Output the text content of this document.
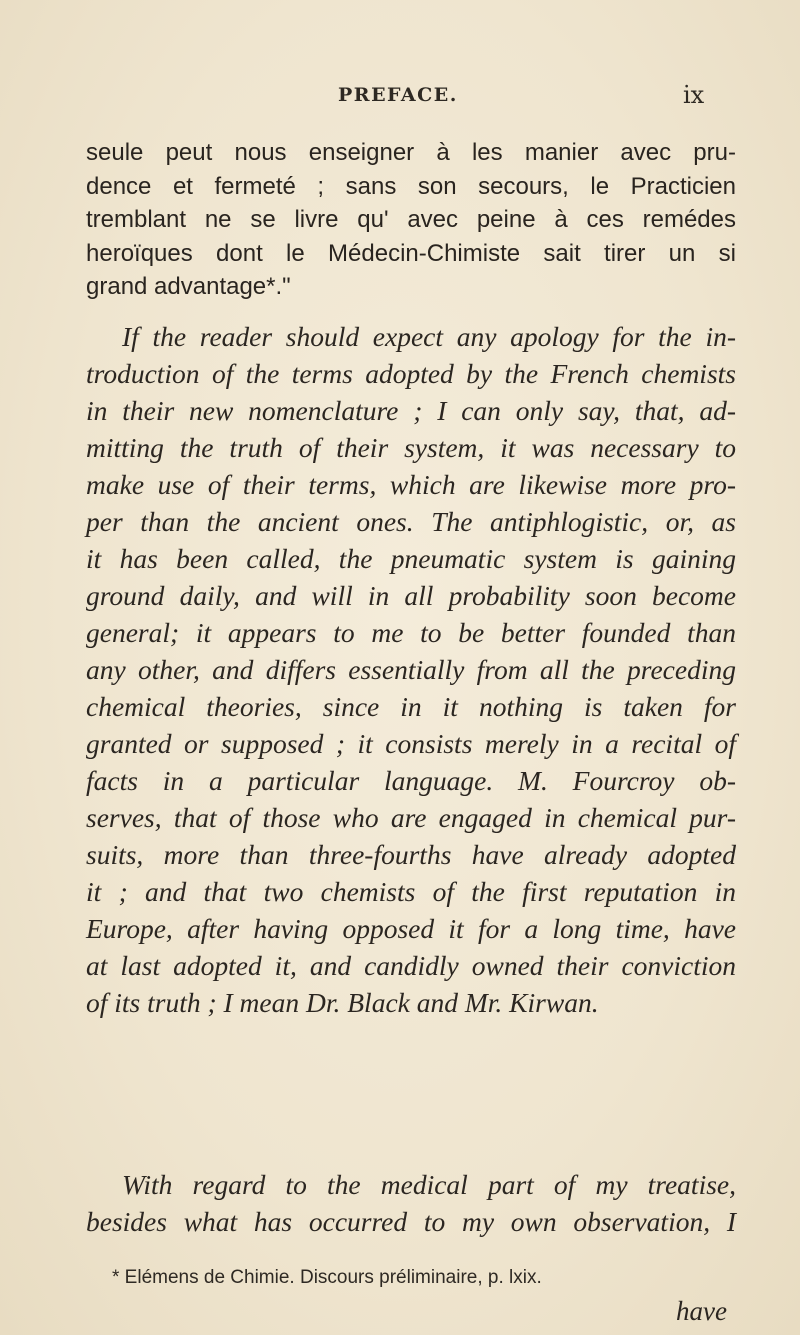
PREFACE.	ix
seule peut nous enseigner à les manier avec pru-
dence et fermeté ; sans son secours, le Practicien
tremblant ne se livre qu' avec peine à ces remédes
heroïques dont le Médecin-Chimiste sait tirer un si
grand advantage*."
If the reader should expect any apology for the in-
troduction of the terms adopted by the French chemists
in their new nomenclature ; I can only say, that, ad-
mitting the truth of their system, it was necessary to
make use of their terms, which are likewise more pro-
per than the ancient ones. The antiphlogistic, or, as
it has been called, the pneumatic system is gaining
ground daily, and will in all probability soon become
general; it appears to me to be better founded than
any other, and differs essentially from all the preceding
chemical theories, since in it nothing is taken for
granted or supposed ; it consists merely in a recital of
facts in a particular language. M. Fourcroy ob-
serves, that of those who are engaged in chemical pur-
suits, more than three-fourths have already adopted
it ; and that two chemists of the first reputation in
Europe, after having opposed it for a long time, have
at last adopted it, and candidly owned their conviction
of its truth ; I mean Dr. Black and Mr. Kirwan.
With regard to the medical part of my treatise,
besides what has occurred to my own observation, I
* Elémens de Chimie. Discours préliminaire, p. lxix.
have
